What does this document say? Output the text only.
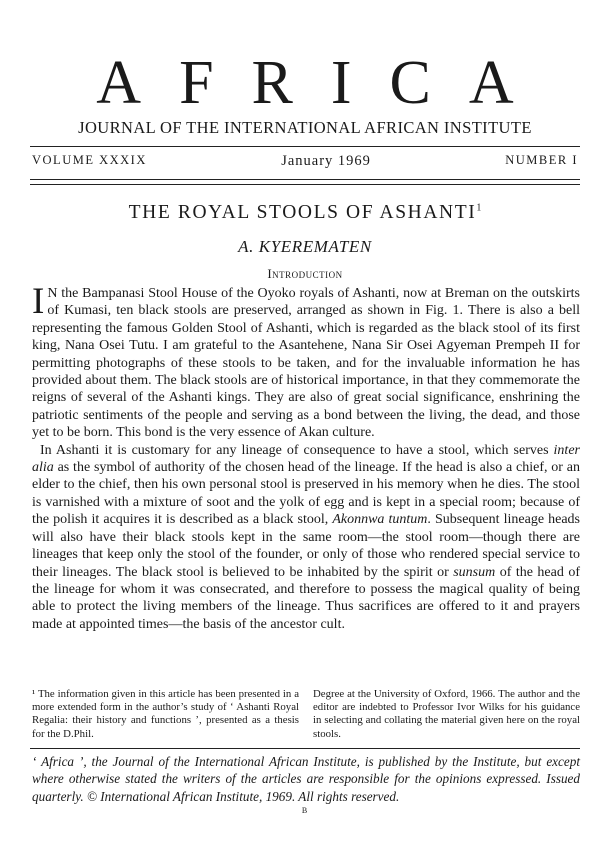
AFRICA
JOURNAL OF THE INTERNATIONAL AFRICAN INSTITUTE
VOLUME XXXIX	January 1969	NUMBER I
THE ROYAL STOOLS OF ASHANTI$^1$
A. KYEREMATEN
Introduction

I N the Bampanasi Stool House of the Oyoko royals of Ashanti, now at Breman on the outskirts of Kumasi, ten black stools are preserved, arranged as shown in Fig. 1. There is also a bell representing the famous Golden Stool of Ashanti, which is regarded as the black stool of its first king, Nana Osei Tutu. I am grateful to the Asantehene, Nana Sir Osei Agyeman Prempeh II for permitting photographs of these stools to be taken, and for the invaluable information he has provided about them. The black stools are of historical importance, in that they commemorate the reigns of several of the Ashanti kings. They are also of great social significance, enshrining the patriotic sentiments of the people and serving as a bond between the living, the dead, and those yet to be born. This bond is the very essence of Akan culture.

In Ashanti it is customary for any lineage of consequence to have a stool, which serves inter alia as the symbol of authority of the chosen head of the lineage. If the head is also a chief, or an elder to the chief, then his own personal stool is preserved in his memory when he dies. The stool is varnished with a mixture of soot and the yolk of egg and is kept in a special room; because of the polish it acquires it is described as a black stool, Akonnwa tuntum. Subsequent lineage heads will also have their black stools kept in the same room—the stool room—though there are lineages that keep only the stool of the founder, or only of those who rendered special service to their lineages. The black stool is believed to be inhabited by the spirit or sunsum of the head of the lineage for whom it was consecrated, and therefore to possess the magical quality of being able to protect the living members of the lineage. Thus sacrifices are offered to it and prayers made at appointed times—the basis of the ancestor cult.

¹ The information given in this article has been presented in a more extended form in the author’s study of ‘ Ashanti Royal Regalia: their history and functions ’, presented as a thesis for the D.Phil.
Degree at the University of Oxford, 1966. The author and the editor are indebted to Professor Ivor Wilks for his guidance in selecting and collating the material given here on the royal stools.
‘ Africa ’, the Journal of the International African Institute, is published by the Institute, but except where otherwise stated the writers of the articles are responsible for the opinions expressed. Issued quarterly. © International African Institute, 1969. All rights reserved.
B
